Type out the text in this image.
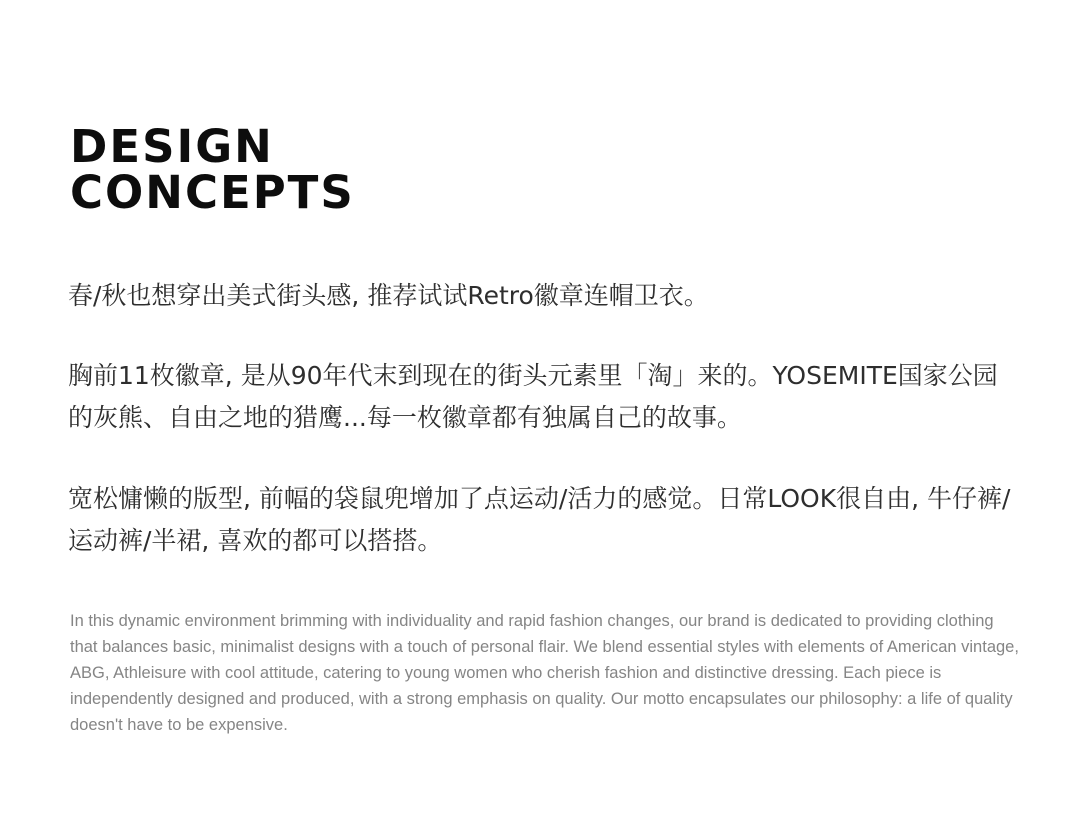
DESIGN
CONCEPTS

春/秋也想穿出美式街头感, 推荐试试Retro徽章连帽卫衣。

胸前11枚徽章, 是从90年代末到现在的街头元素里「淘」来的。YOSEMITE国家公园的灰熊、自由之地的猎鹰...每一枚徽章都有独属自己的故事。

宽松慵懒的版型, 前幅的袋鼠兜增加了点运动/活力的感觉。日常LOOK很自由, 牛仔裤/运动裤/半裙, 喜欢的都可以搭搭。

In this dynamic environment brimming with individuality and rapid fashion changes, our brand is dedicated to providing clothing that balances basic, minimalist designs with a touch of personal flair. We blend essential styles with elements of American vintage, ABG, Athleisure with cool attitude, catering to young women who cherish fashion and distinctive dressing. Each piece is independently designed and produced, with a strong emphasis on quality. Our motto encapsulates our philosophy: a life of quality doesn't have to be expensive.
